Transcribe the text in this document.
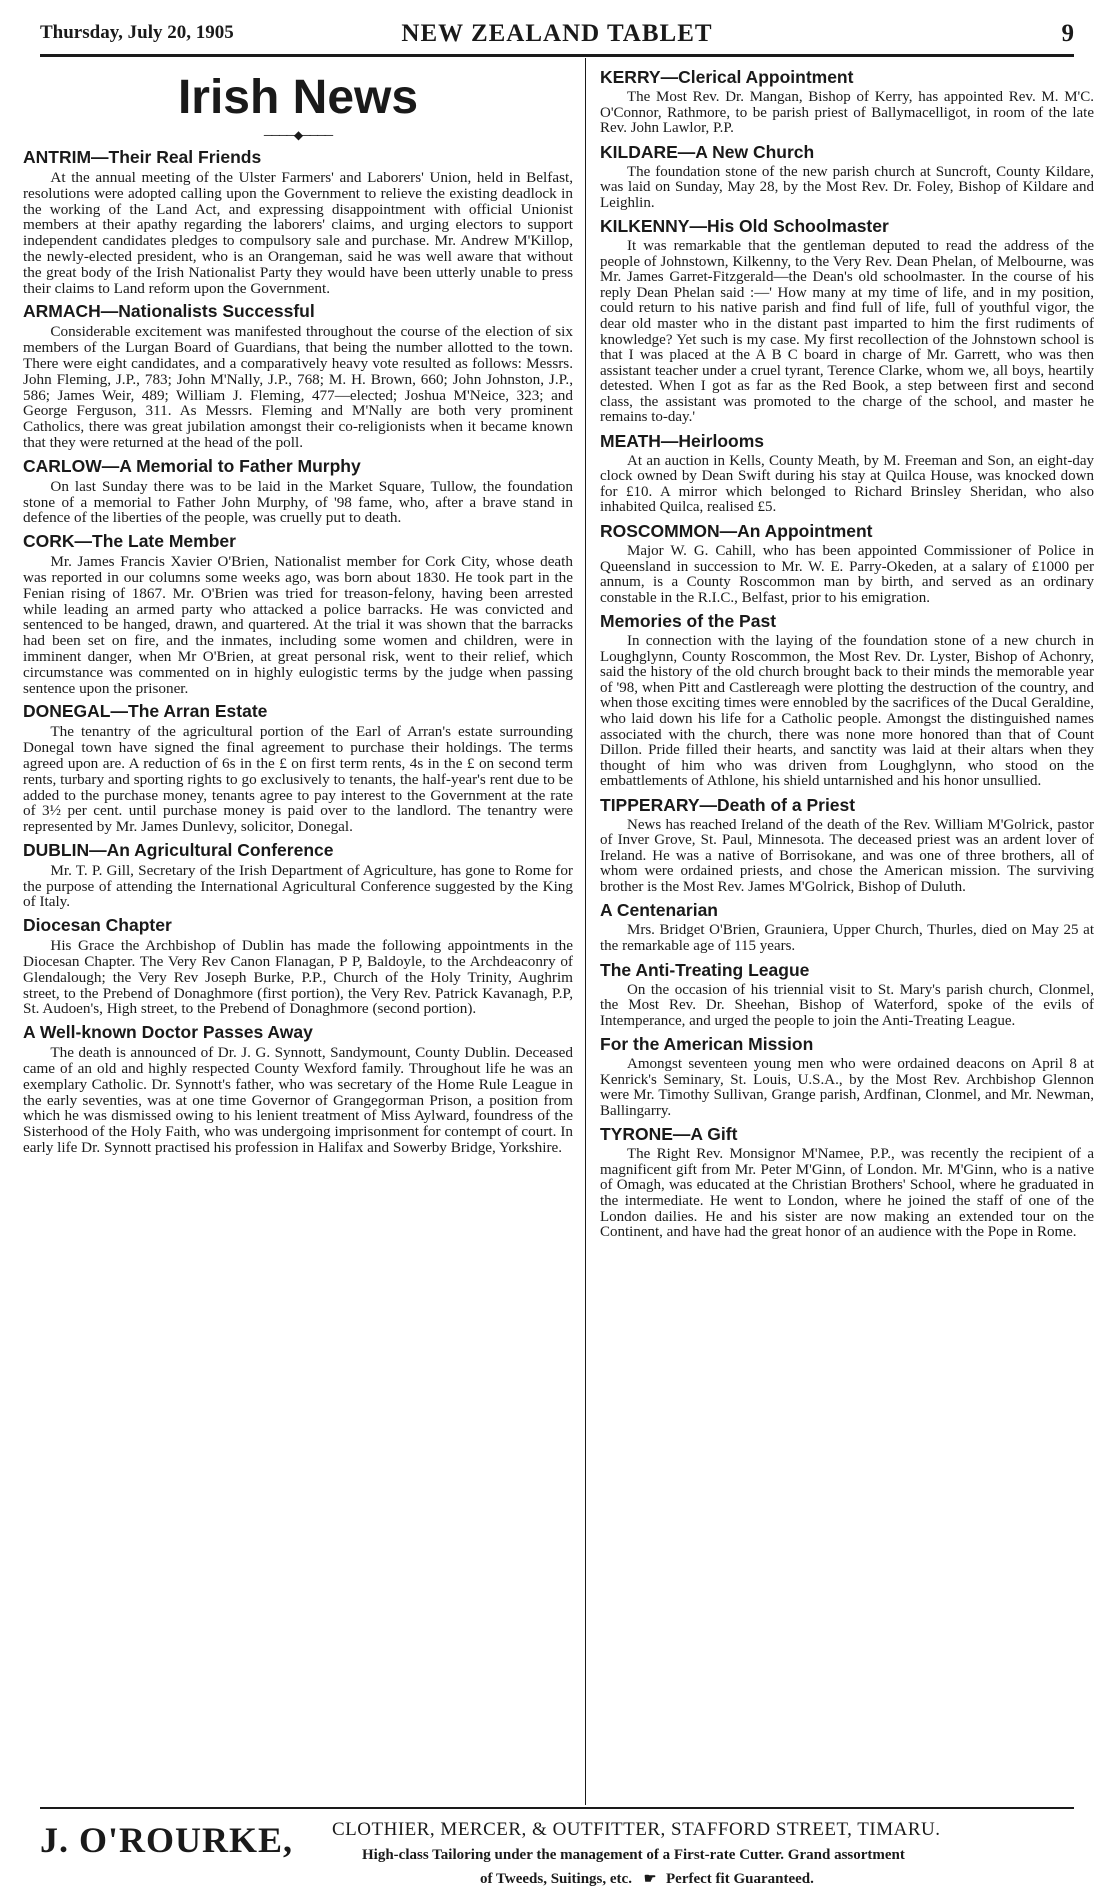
Thursday, July 20, 1905	NEW ZEALAND TABLET	9
Irish News
────◆────
ANTRIM—Their Real Friends

At the annual meeting of the Ulster Farmers' and Laborers' Union, held in Belfast, resolutions were adopted calling upon the Government to relieve the existing deadlock in the working of the Land Act, and expressing disappointment with official Unionist members at their apathy regarding the laborers' claims, and urging electors to support independent candidates pledges to compulsory sale and purchase. Mr. Andrew M'Killop, the newly-elected president, who is an Orangeman, said he was well aware that without the great body of the Irish Nationalist Party they would have been utterly unable to press their claims to Land reform upon the Government.

ARMACH—Nationalists Successful

Considerable excitement was manifested throughout the course of the election of six members of the Lurgan Board of Guardians, that being the number allotted to the town. There were eight candidates, and a comparatively heavy vote resulted as follows: Messrs. John Fleming, J.P., 783; John M'Nally, J.P., 768; M. H. Brown, 660; John Johnston, J.P., 586; James Weir, 489; William J. Fleming, 477—elected; Joshua M'Neice, 323; and George Ferguson, 311. As Messrs. Fleming and M'Nally are both very prominent Catholics, there was great jubilation amongst their co-religionists when it became known that they were returned at the head of the poll.

CARLOW—A Memorial to Father Murphy

On last Sunday there was to be laid in the Market Square, Tullow, the foundation stone of a memorial to Father John Murphy, of '98 fame, who, after a brave stand in defence of the liberties of the people, was cruelly put to death.

CORK—The Late Member

Mr. James Francis Xavier O'Brien, Nationalist member for Cork City, whose death was reported in our columns some weeks ago, was born about 1830. He took part in the Fenian rising of 1867. Mr. O'Brien was tried for treason-felony, having been arrested while leading an armed party who attacked a police barracks. He was convicted and sentenced to be hanged, drawn, and quartered. At the trial it was shown that the barracks had been set on fire, and the inmates, including some women and children, were in imminent danger, when Mr O'Brien, at great personal risk, went to their relief, which circumstance was commented on in highly eulogistic terms by the judge when passing sentence upon the prisoner.

DONEGAL—The Arran Estate

The tenantry of the agricultural portion of the Earl of Arran's estate surrounding Donegal town have signed the final agreement to purchase their holdings. The terms agreed upon are. A reduction of 6s in the £ on first term rents, 4s in the £ on second term rents, turbary and sporting rights to go exclusively to tenants, the half-year's rent due to be added to the purchase money, tenants agree to pay interest to the Government at the rate of 3½ per cent. until purchase money is paid over to the landlord. The tenantry were represented by Mr. James Dunlevy, solicitor, Donegal.

DUBLIN—An Agricultural Conference

Mr. T. P. Gill, Secretary of the Irish Department of Agriculture, has gone to Rome for the purpose of attending the International Agricultural Conference suggested by the King of Italy.

Diocesan Chapter

His Grace the Archbishop of Dublin has made the following appointments in the Diocesan Chapter. The Very Rev Canon Flanagan, P P, Baldoyle, to the Archdeaconry of Glendalough; the Very Rev Joseph Burke, P.P., Church of the Holy Trinity, Aughrim street, to the Prebend of Donaghmore (first portion), the Very Rev. Patrick Kavanagh, P.P, St. Audoen's, High street, to the Prebend of Donaghmore (second portion).

A Well-known Doctor Passes Away

The death is announced of Dr. J. G. Synnott, Sandymount, County Dublin. Deceased came of an old and highly respected County Wexford family. Throughout life he was an exemplary Catholic. Dr. Synnott's father, who was secretary of the Home Rule League in the early seventies, was at one time Governor of Grangegorman Prison, a position from which he was dismissed owing to his lenient treatment of Miss Aylward, foundress of the Sisterhood of the Holy Faith, who was undergoing imprisonment for contempt of court. In early life Dr. Synnott practised his profession in Halifax and Sowerby Bridge, Yorkshire.

KERRY—Clerical Appointment

The Most Rev. Dr. Mangan, Bishop of Kerry, has appointed Rev. M. M'C. O'Connor, Rathmore, to be parish priest of Ballymacelligot, in room of the late Rev. John Lawlor, P.P.

KILDARE—A New Church

The foundation stone of the new parish church at Suncroft, County Kildare, was laid on Sunday, May 28, by the Most Rev. Dr. Foley, Bishop of Kildare and Leighlin.

KILKENNY—His Old Schoolmaster

It was remarkable that the gentleman deputed to read the address of the people of Johnstown, Kilkenny, to the Very Rev. Dean Phelan, of Melbourne, was Mr. James Garret-Fitzgerald—the Dean's old schoolmaster. In the course of his reply Dean Phelan said :—' How many at my time of life, and in my position, could return to his native parish and find full of life, full of youthful vigor, the dear old master who in the distant past imparted to him the first rudiments of knowledge? Yet such is my case. My first recollection of the Johnstown school is that I was placed at the A B C board in charge of Mr. Garrett, who was then assistant teacher under a cruel tyrant, Terence Clarke, whom we, all boys, heartily detested. When I got as far as the Red Book, a step between first and second class, the assistant was promoted to the charge of the school, and master he remains to-day.'

MEATH—Heirlooms

At an auction in Kells, County Meath, by M. Freeman and Son, an eight-day clock owned by Dean Swift during his stay at Quilca House, was knocked down for £10. A mirror which belonged to Richard Brinsley Sheridan, who also inhabited Quilca, realised £5.

ROSCOMMON—An Appointment

Major W. G. Cahill, who has been appointed Commissioner of Police in Queensland in succession to Mr. W. E. Parry-Okeden, at a salary of £1000 per annum, is a County Roscommon man by birth, and served as an ordinary constable in the R.I.C., Belfast, prior to his emigration.

Memories of the Past

In connection with the laying of the foundation stone of a new church in Loughglynn, County Roscommon, the Most Rev. Dr. Lyster, Bishop of Achonry, said the history of the old church brought back to their minds the memorable year of '98, when Pitt and Castlereagh were plotting the destruction of the country, and when those exciting times were ennobled by the sacrifices of the Ducal Geraldine, who laid down his life for a Catholic people. Amongst the distinguished names associated with the church, there was none more honored than that of Count Dillon. Pride filled their hearts, and sanctity was laid at their altars when they thought of him who was driven from Loughglynn, who stood on the embattlements of Athlone, his shield untarnished and his honor unsullied.

TIPPERARY—Death of a Priest

News has reached Ireland of the death of the Rev. William M'Golrick, pastor of Inver Grove, St. Paul, Minnesota. The deceased priest was an ardent lover of Ireland. He was a native of Borrisokane, and was one of three brothers, all of whom were ordained priests, and chose the American mission. The surviving brother is the Most Rev. James M'Golrick, Bishop of Duluth.

A Centenarian

Mrs. Bridget O'Brien, Grauniera, Upper Church, Thurles, died on May 25 at the remarkable age of 115 years.

The Anti-Treating League

On the occasion of his triennial visit to St. Mary's parish church, Clonmel, the Most Rev. Dr. Sheehan, Bishop of Waterford, spoke of the evils of Intemperance, and urged the people to join the Anti-Treating League.

For the American Mission

Amongst seventeen young men who were ordained deacons on April 8 at Kenrick's Seminary, St. Louis, U.S.A., by the Most Rev. Archbishop Glennon were Mr. Timothy Sullivan, Grange parish, Ardfinan, Clonmel, and Mr. Newman, Ballingarry.

TYRONE—A Gift

The Right Rev. Monsignor M'Namee, P.P., was recently the recipient of a magnificent gift from Mr. Peter M'Ginn, of London. Mr. M'Ginn, who is a native of Omagh, was educated at the Christian Brothers' School, where he graduated in the intermediate. He went to London, where he joined the staff of one of the London dailies. He and his sister are now making an extended tour on the Continent, and have had the great honor of an audience with the Pope in Rome.

J. O'ROURKE, CLOTHIER, MERCER, & OUTFITTER, STAFFORD STREET, TIMARU.
High-class Tailoring under the management of a First-rate Cutter. Grand assortment
of Tweeds, Suitings, etc. ☛ Perfect fit Guaranteed.
